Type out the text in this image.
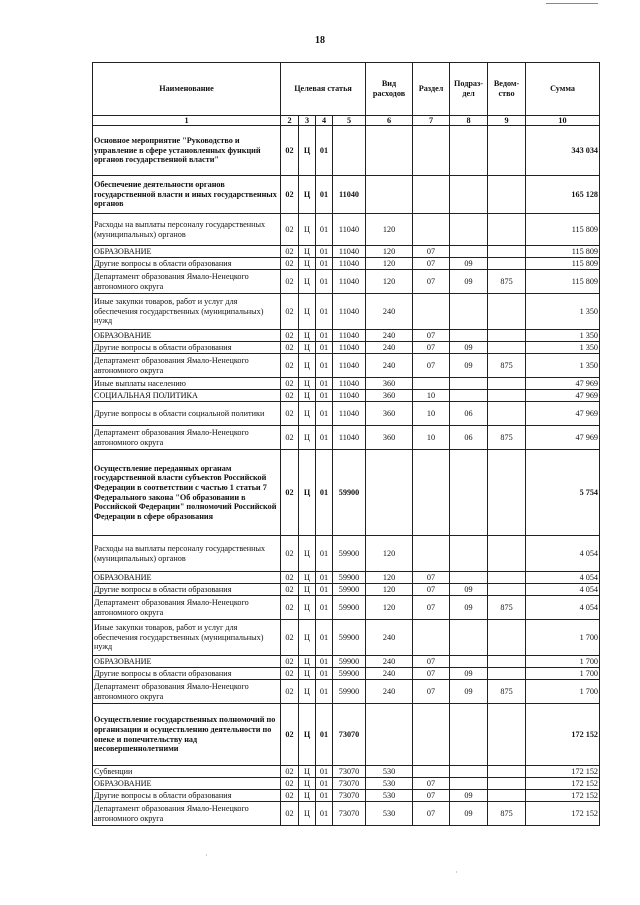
18
Наименование	Целевая статья				Вид расходов	Раздел	Подраз-дел	Ведом-ство	Сумма
1	2	3	4	5	6	7	8	9	10
Основное мероприятие "Руководство и управление в сфере установленных функций органов государственной власти"	02	Ц	01						343 034
Обеспечение деятельности органов государственной власти и иных государственных органов	02	Ц	01	11040					165 128
Расходы на выплаты персоналу государственных (муниципальных) органов	02	Ц	01	11040	120				115 809
ОБРАЗОВАНИЕ	02	Ц	01	11040	120	07			115 809
Другие вопросы в области образования	02	Ц	01	11040	120	07	09		115 809
Департамент образования Ямало-Ненецкого автономного округа	02	Ц	01	11040	120	07	09	875	115 809
Иные закупки товаров, работ и услуг для обеспечения государственных (муниципальных) нужд	02	Ц	01	11040	240				1 350
ОБРАЗОВАНИЕ	02	Ц	01	11040	240	07			1 350
Другие вопросы в области образования	02	Ц	01	11040	240	07	09		1 350
Департамент образования Ямало-Ненецкого автономного округа	02	Ц	01	11040	240	07	09	875	1 350
Иные выплаты населению	02	Ц	01	11040	360				47 969
СОЦИАЛЬНАЯ ПОЛИТИКА	02	Ц	01	11040	360	10			47 969
Другие вопросы в области социальной политики	02	Ц	01	11040	360	10	06		47 969
Департамент образования Ямало-Ненецкого автономного округа	02	Ц	01	11040	360	10	06	875	47 969
Осуществление переданных органам государственной власти субъектов Российской Федерации в соответствии с частью 1 статьи 7 Федерального закона "Об образовании в Российской Федерации" полномочий Российской Федерации в сфере образования	02	Ц	01	59900					5 754
Расходы на выплаты персоналу государственных (муниципальных) органов	02	Ц	01	59900	120				4 054
ОБРАЗОВАНИЕ	02	Ц	01	59900	120	07			4 054
Другие вопросы в области образования	02	Ц	01	59900	120	07	09		4 054
Департамент образования Ямало-Ненецкого автономного округа	02	Ц	01	59900	120	07	09	875	4 054
Иные закупки товаров, работ и услуг для обеспечения государственных (муниципальных) нужд	02	Ц	01	59900	240				1 700
ОБРАЗОВАНИЕ	02	Ц	01	59900	240	07			1 700
Другие вопросы в области образования	02	Ц	01	59900	240	07	09		1 700
Департамент образования Ямало-Ненецкого автономного округа	02	Ц	01	59900	240	07	09	875	1 700
Осуществление государственных полномочий по организации и осуществлению деятельности по опеке и попечительству над несовершеннолетними	02	Ц	01	73070					172 152
Субвенции	02	Ц	01	73070	530				172 152
ОБРАЗОВАНИЕ	02	Ц	01	73070	530	07			172 152
Другие вопросы в области образования	02	Ц	01	73070	530	07	09		172 152
Департамент образования Ямало-Ненецкого автономного округа	02	Ц	01	73070	530	07	09	875	172 152
·
·
